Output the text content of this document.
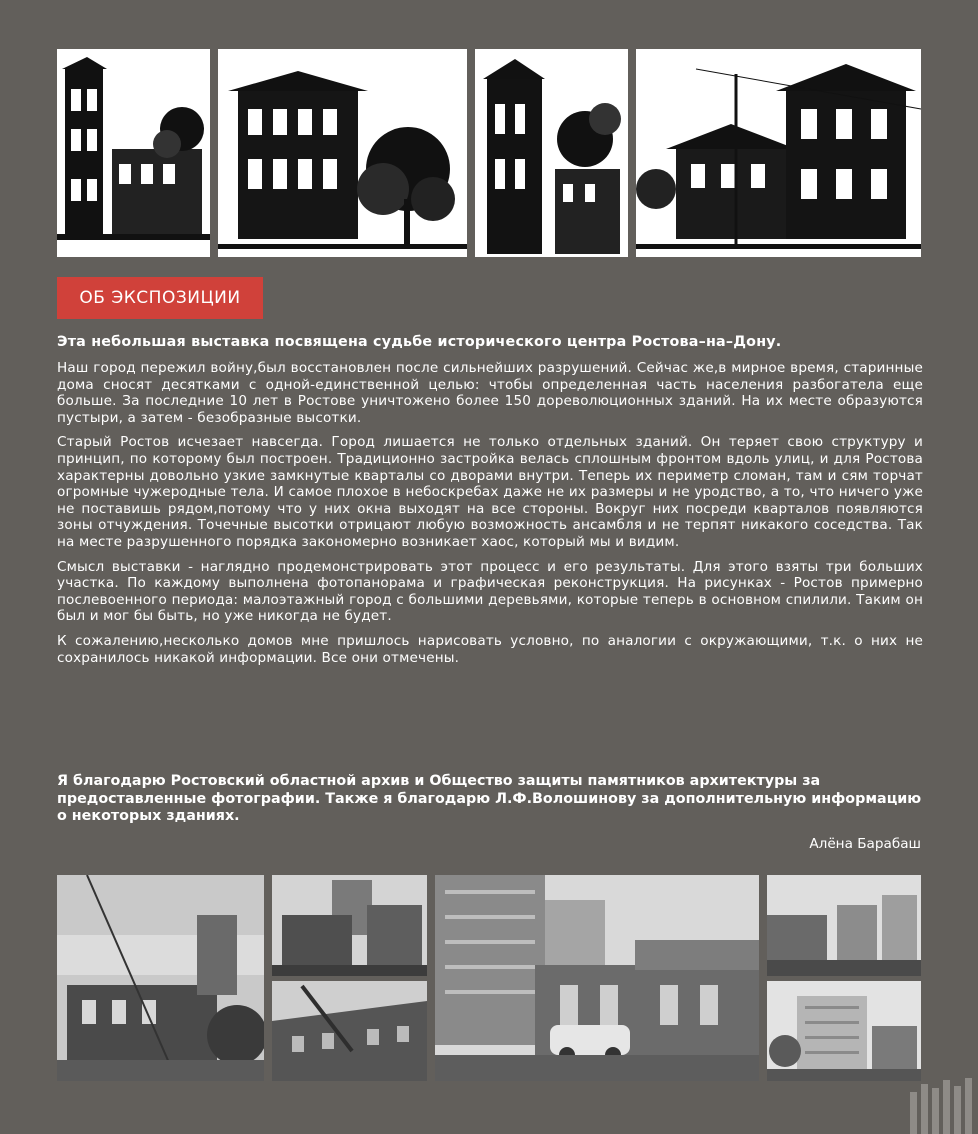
ОБ ЭКСПОЗИЦИИ

Эта небольшая выставка посвящена судьбе исторического центра Ростова–на–Дону.

Наш город пережил войну,был восстановлен после сильнейших разрушений. Сейчас же,в мирное время, старинные дома сносят десятками с одной-единственной целью: чтобы определенная часть населения разбогатела еще больше. За последние 10 лет в Ростове уничтожено более 150 дореволюционных зданий. На их месте образуются пустыри, а затем - безобразные высотки.

Старый Ростов исчезает навсегда. Город лишается не только отдельных зданий. Он теряет свою структуру и принцип, по которому был построен. Традиционно застройка велась сплошным фронтом вдоль улиц, и для Ростова характерны довольно узкие замкнутые кварталы со дворами внутри. Теперь их периметр сломан, там и сям торчат огромные чужеродные тела. И самое плохое в небоскребах даже не их размеры и не уродство, а то, что ничего уже не поставишь рядом,потому что у них окна выходят на все стороны. Вокруг них посреди кварталов появляются зоны отчуждения. Точечные высотки отрицают любую возможность ансамбля и не терпят никакого соседства. Так на месте разрушенного порядка закономерно возникает хаос, который мы и видим.

Смысл выставки - наглядно продемонстрировать этот процесс и его результаты. Для этого взяты три больших участка. По каждому выполнена фотопанорама и графическая реконструкция. На рисунках - Ростов примерно послевоенного периода: малоэтажный город с большими деревьями, которые теперь в основном спилили. Таким он был и мог бы быть, но уже никогда не будет.

К сожалению,несколько домов мне пришлось нарисовать условно, по аналогии с окружающими, т.к. о них не сохранилось никакой информации. Все они отмечены.

Я благодарю Ростовский областной архив и Общество защиты памятников архитектуры за предоставленные фотографии. Также я благодарю Л.Ф.Волошинову за дополнительную информацию о некоторых зданиях.

Алёна Барабаш
